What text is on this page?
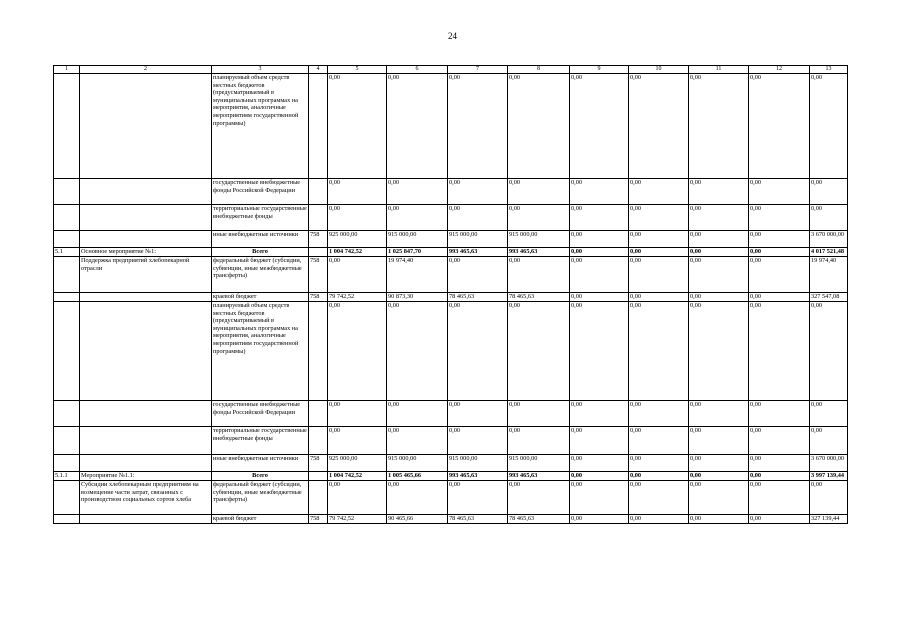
24
1	2	3	4	5	6	7	8	9	10	11	12	13
		планируемый объем средств местных бюджетов (предусматриваемый в муниципальных программах на мероприятия, аналогичные мероприятиям государственной программы)		0,00	0,00	0,00	0,00	0,00	0,00	0,00	0,00	0,00
		государственные внебюджетные фонды Российской Федерации		0,00	0,00	0,00	0,00	0,00	0,00	0,00	0,00	0,00
		территориальные государственные внебюджетные фонды		0,00	0,00	0,00	0,00	0,00	0,00	0,00	0,00	0,00
		иные внебюджетные источники	758	925 000,00	915 000,00	915 000,00	915 000,00	0,00	0,00	0,00	0,00	3 670 000,00
5.1	Основное мероприятие №1:	Всего		1 004 742,52	1 025 847,70	993 465,63	993 465,63	0,00	0,00	0,00	0,00	4 017 521,48
	Поддержка предприятий хлебопекарной отрасли	федеральный бюджет (субсидии, субвенции, иные межбюджетные трансферты)	758	0,00	19 974,40	0,00	0,00	0,00	0,00	0,00	0,00	19 974,40
		краевой бюджет	758	79 742,52	90 873,30	78 465,63	78 465,63	0,00	0,00	0,00	0,00	327 547,08
		планируемый объем средств местных бюджетов (предусматриваемый в муниципальных программах на мероприятия, аналогичные мероприятиям государственной программы)		0,00	0,00	0,00	0,00	0,00	0,00	0,00	0,00	0,00
		государственные внебюджетные фонды Российской Федерации		0,00	0,00	0,00	0,00	0,00	0,00	0,00	0,00	0,00
		территориальные государственные внебюджетные фонды		0,00	0,00	0,00	0,00	0,00	0,00	0,00	0,00	0,00
		иные внебюджетные источники	758	925 000,00	915 000,00	915 000,00	915 000,00	0,00	0,00	0,00	0,00	3 670 000,00
5.1.1	Мероприятие №1.1:	Всего		1 004 742,52	1 005 465,66	993 465,63	993 465,63	0,00	0,00	0,00	0,00	3 997 139,44
	Субсидии хлебопекарным предприятиям на возмещение части затрат, связанных с производством социальных сортов хлеба	федеральный бюджет (субсидии, субвенции, иные межбюджетные трансферты)		0,00	0,00	0,00	0,00	0,00	0,00	0,00	0,00	0,00
		краевой бюджет	758	79 742,52	90 465,66	78 465,63	78 465,63	0,00	0,00	0,00	0,00	327 139,44
